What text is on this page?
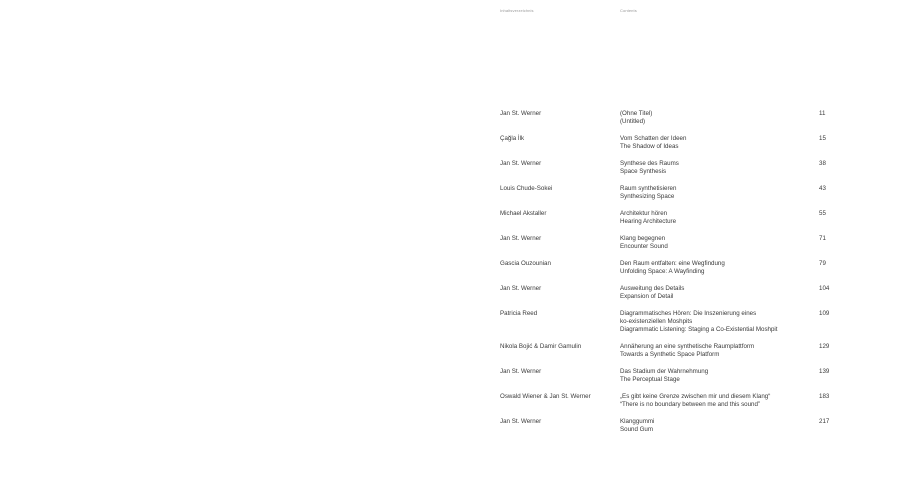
Inhaltsverzeichnis	Contents
Jan St. Werner	(Ohne Titel)
(Untitled)
11
Çağla İlk	Vom Schatten der Ideen
The Shadow of Ideas
15
Jan St. Werner	Synthese des Raums
Space Synthesis
38
Louis Chude-Sokei	Raum synthetisieren
Synthesizing Space
43
Michael Akstaller	Architektur hören
Hearing Architecture
55
Jan St. Werner	Klang begegnen
Encounter Sound
71
Gascia Ouzounian	Den Raum entfalten: eine Wegfindung
Unfolding Space: A Wayfinding
79
Jan St. Werner	Ausweitung des Details
Expansion of Detail
104
Patricia Reed	Diagrammatisches Hören: Die Inszenierung eines
ko-existenziellen Moshpits
Diagrammatic Listening: Staging a Co-Existential Moshpit
109
Nikola Bojić & Damir Gamulin	Annäherung an eine synthetische Raumplattform
Towards a Synthetic Space Platform
129
Jan St. Werner	Das Stadium der Wahrnehmung
The Perceptual Stage
139
Oswald Wiener & Jan St. Werner	„Es gibt keine Grenze zwischen mir und diesem Klang“
“There is no boundary between me and this sound”
183
Jan St. Werner	Klanggummi
Sound Gum
217
